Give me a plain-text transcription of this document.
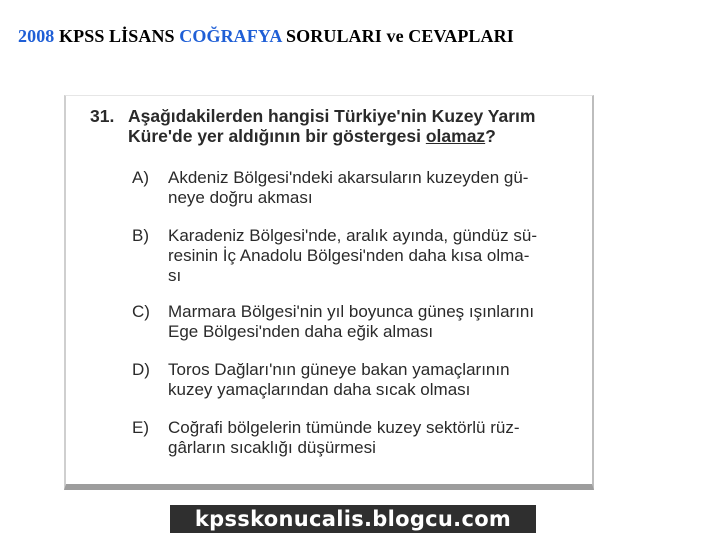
2008 KPSS LİSANS COĞRAFYA SORULARI ve CEVAPLARI
31. Aşağıdakilerden hangisi Türkiye'nin Kuzey Yarım
Küre'de yer aldığının bir göstergesi olamaz?
A) Akdeniz Bölgesi'ndeki akarsuların kuzeyden gü-
neye doğru akması
B) Karadeniz Bölgesi'nde, aralık ayında, gündüz sü-
resinin İç Anadolu Bölgesi'nden daha kısa olma-
sı
C) Marmara Bölgesi'nin yıl boyunca güneş ışınlarını
Ege Bölgesi'nden daha eğik alması
D) Toros Dağları'nın güneye bakan yamaçlarının
kuzey yamaçlarından daha sıcak olması
E) Coğrafi bölgelerin tümünde kuzey sektörlü rüz-
gârların sıcaklığı düşürmesi
kpsskonucalis.blogcu.com
